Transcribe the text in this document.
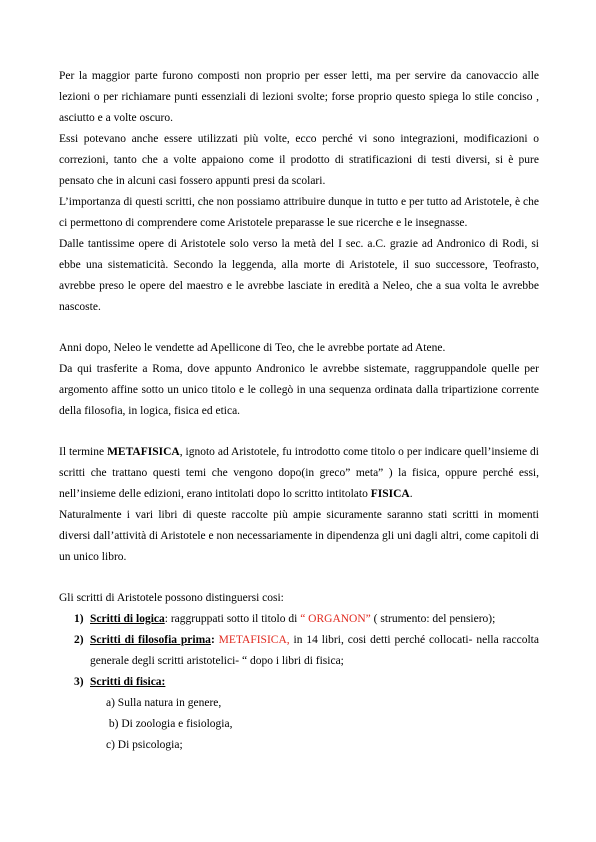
Per la maggior parte furono composti non proprio per esser letti, ma per servire da canovaccio alle lezioni o per richiamare punti essenziali di lezioni svolte; forse proprio questo spiega lo stile conciso , asciutto e a volte oscuro.

Essi potevano anche essere utilizzati più volte, ecco perché vi sono integrazioni, modificazioni o correzioni, tanto che a volte appaiono come il prodotto di stratificazioni di testi diversi, si è pure pensato che in alcuni casi fossero appunti presi da scolari.

L’importanza di questi scritti, che non possiamo attribuire dunque in tutto e per tutto ad Aristotele, è che ci permettono di comprendere come Aristotele preparasse le sue ricerche e le insegnasse.

Dalle tantissime opere di Aristotele solo verso la metà del I sec. a.C. grazie ad Andronico di Rodi, si ebbe una sistematicità. Secondo la leggenda, alla morte di Aristotele, il suo successore, Teofrasto, avrebbe preso le opere del maestro e le avrebbe lasciate in eredità a Neleo, che a sua volta le avrebbe nascoste.

Anni dopo, Neleo le vendette ad Apellicone di Teo, che le avrebbe portate ad Atene.

Da qui trasferite a Roma, dove appunto Andronico le avrebbe sistemate, raggruppandole quelle per argomento affine sotto un unico titolo e le collegò in una sequenza ordinata dalla tripartizione corrente della filosofia, in logica, fisica ed etica.

Il termine METAFISICA, ignoto ad Aristotele, fu introdotto come titolo o per indicare quell’insieme di scritti che trattano questi temi che vengono dopo(in greco” meta” ) la fisica, oppure perché essi, nell’insieme delle edizioni, erano intitolati dopo lo scritto intitolato FISICA.

Naturalmente i vari libri di queste raccolte più ampie sicuramente saranno stati scritti in momenti diversi dall’attività di Aristotele e non necessariamente in dipendenza gli uni dagli altri, come capitoli di un unico libro.

Gli scritti di Aristotele possono distinguersi cosi:

1) Scritti di logica: raggruppati sotto il titolo di “ ORGANON” ( strumento: del pensiero);
2) Scritti di filosofia prima: METAFISICA, in 14 libri, cosi detti perché collocati- nella raccolta generale degli scritti aristotelici- “ dopo i libri di fisica;
3) Scritti di fisica:
a) Sulla natura in genere,
b) Di zoologia e fisiologia,
c) Di psicologia;
